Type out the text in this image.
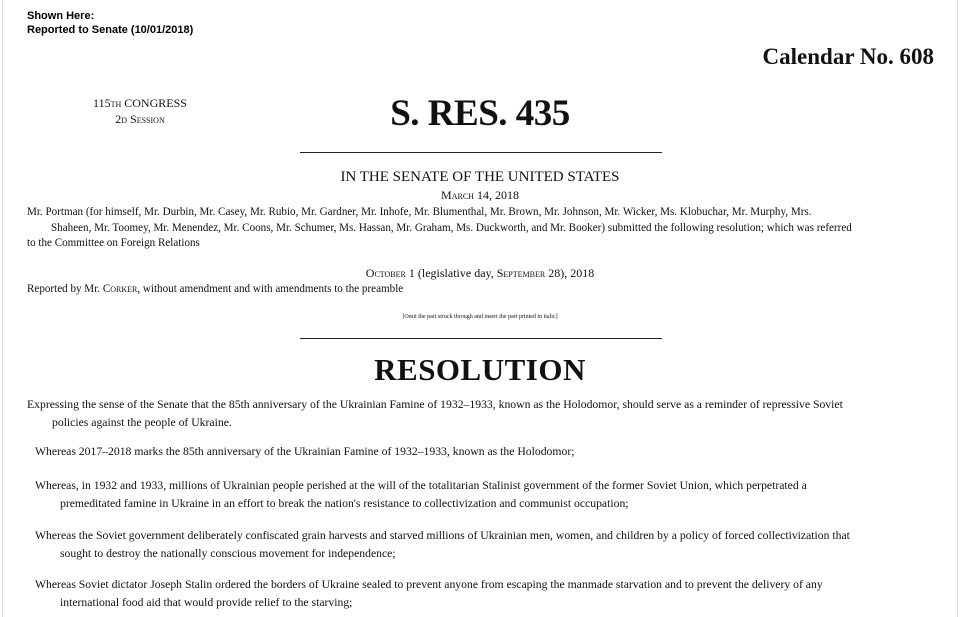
Shown Here:
Reported to Senate (10/01/2018)
Calendar No. 608
115th CONGRESS
2d Session	S. RES. 435
IN THE SENATE OF THE UNITED STATES
March 14, 2018
Mr. Portman (for himself, Mr. Durbin, Mr. Casey, Mr. Rubio, Mr. Gardner, Mr. Inhofe, Mr. Blumenthal, Mr. Brown, Mr. Johnson, Mr. Wicker, Ms. Klobuchar, Mr. Murphy, Mrs.
Shaheen, Mr. Toomey, Mr. Menendez, Mr. Coons, Mr. Schumer, Ms. Hassan, Mr. Graham, Ms. Duckworth, and Mr. Booker) submitted the following resolution; which was referred
to the Committee on Foreign Relations
October 1 (legislative day, September 28), 2018
Reported by Mr. Corker, without amendment and with amendments to the preamble
[Omit the part struck through and insert the part printed in italic]
RESOLUTION
Expressing the sense of the Senate that the 85th anniversary of the Ukrainian Famine of 1932–1933, known as the Holodomor, should serve as a reminder of repressive Soviet
policies against the people of Ukraine.
Whereas 2017–2018 marks the 85th anniversary of the Ukrainian Famine of 1932–1933, known as the Holodomor;
Whereas, in 1932 and 1933, millions of Ukrainian people perished at the will of the totalitarian Stalinist government of the former Soviet Union, which perpetrated a
premeditated famine in Ukraine in an effort to break the nation's resistance to collectivization and communist occupation;
Whereas the Soviet government deliberately confiscated grain harvests and starved millions of Ukrainian men, women, and children by a policy of forced collectivization that
sought to destroy the nationally conscious movement for independence;
Whereas Soviet dictator Joseph Stalin ordered the borders of Ukraine sealed to prevent anyone from escaping the manmade starvation and to prevent the delivery of any
international food aid that would provide relief to the starving;
